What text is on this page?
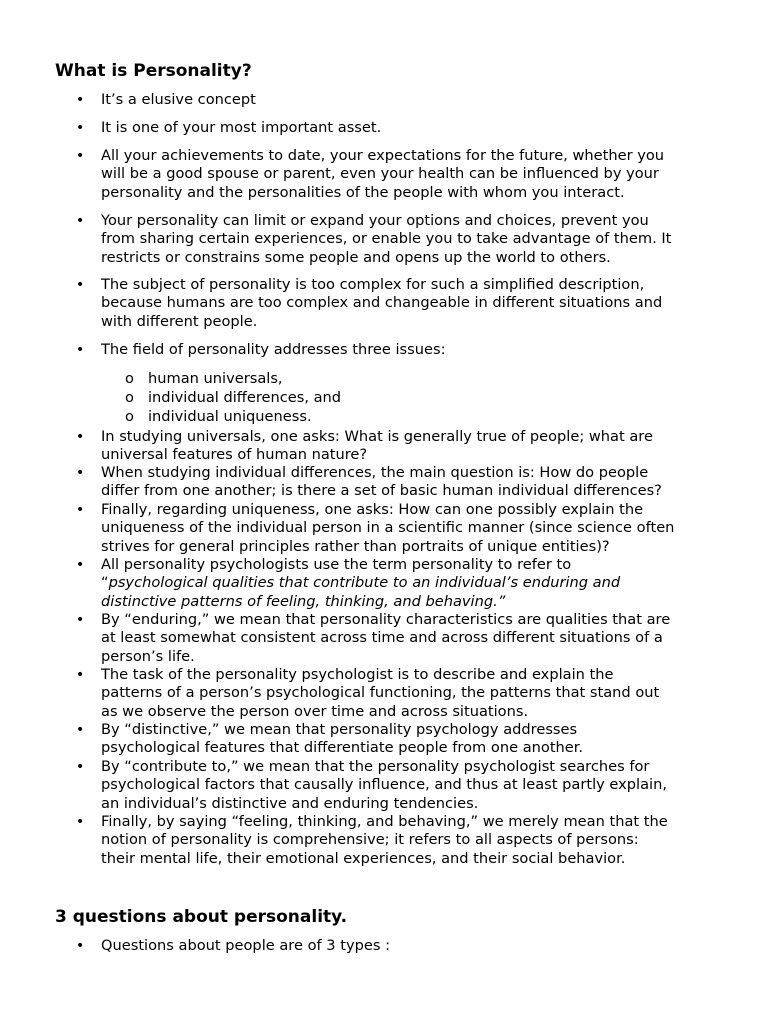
What is Personality?
• It’s a elusive concept

• It is one of your most important asset.

• All your achievements to date, your expectations for the future, whether you

will be a good spouse or parent, even your health can be influenced by your

personality and the personalities of the people with whom you interact.

• Your personality can limit or expand your options and choices, prevent you

from sharing certain experiences, or enable you to take advantage of them. It

restricts or constrains some people and opens up the world to others.

• The subject of personality is too complex for such a simplified description,

because humans are too complex and changeable in different situations and

with different people.

• The field of personality addresses three issues:

o human universals,
o individual differences, and
o individual uniqueness.
• In studying universals, one asks: What is generally true of people; what are

universal features of human nature?

• When studying individual differences, the main question is: How do people

differ from one another; is there a set of basic human individual differences?

• Finally, regarding uniqueness, one asks: How can one possibly explain the

uniqueness of the individual person in a scientific manner (since science often

strives for general principles rather than portraits of unique entities)?

• All personality psychologists use the term personality to refer to

“psychological qualities that contribute to an individual’s enduring and

distinctive patterns of feeling, thinking, and behaving.”

• By “enduring,” we mean that personality characteristics are qualities that are

at least somewhat consistent across time and across different situations of a

person’s life.

• The task of the personality psychologist is to describe and explain the

patterns of a person’s psychological functioning, the patterns that stand out

as we observe the person over time and across situations.

• By “distinctive,” we mean that personality psychology addresses

psychological features that differentiate people from one another.

• By “contribute to,” we mean that the personality psychologist searches for

psychological factors that causally influence, and thus at least partly explain,

an individual’s distinctive and enduring tendencies.

• Finally, by saying “feeling, thinking, and behaving,” we merely mean that the

notion of personality is comprehensive; it refers to all aspects of persons:

their mental life, their emotional experiences, and their social behavior.

3 questions about personality.
• Questions about people are of 3 types :
